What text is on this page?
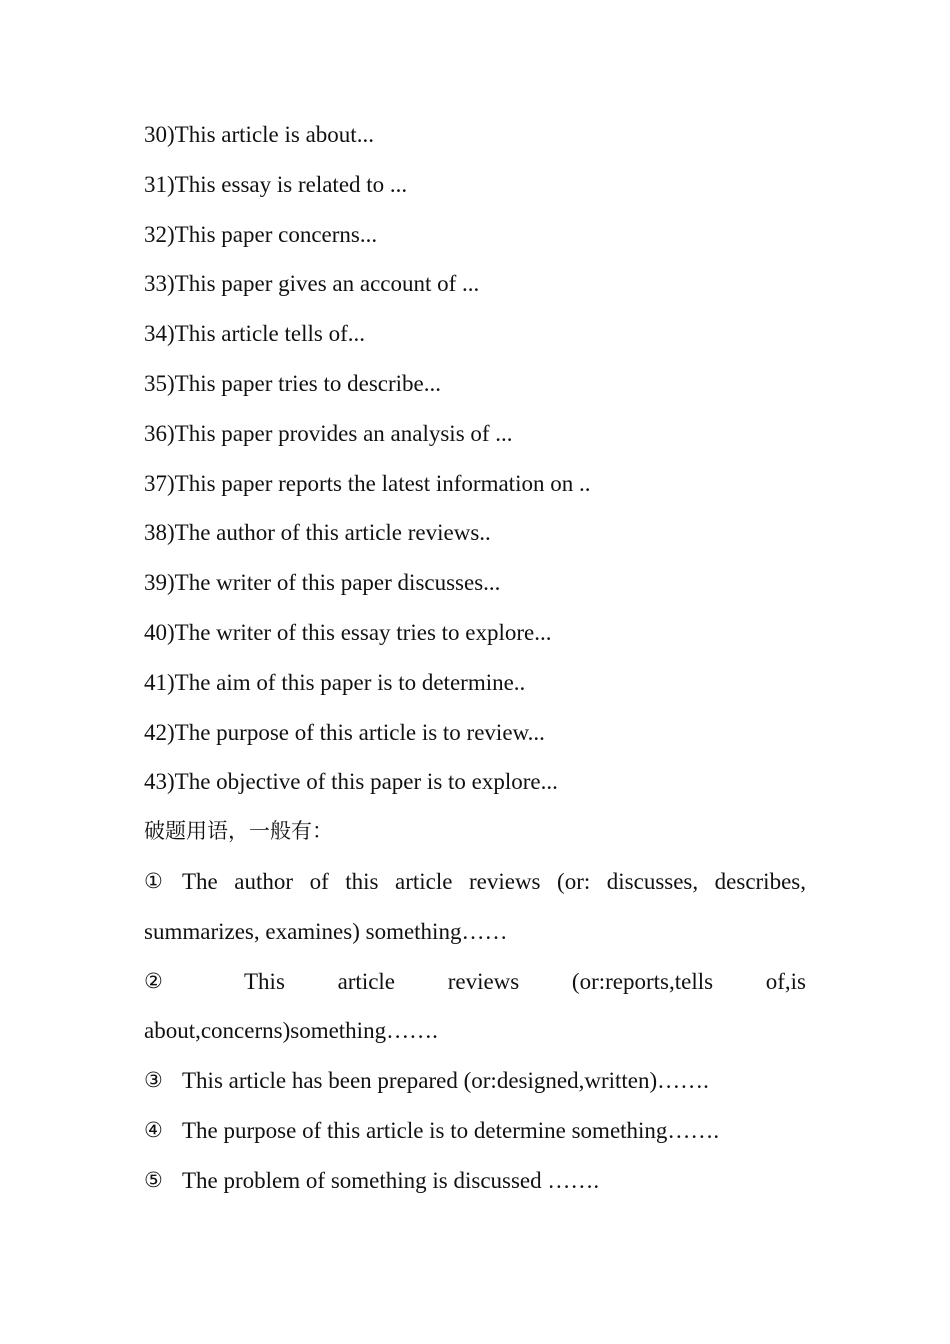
30)This article is about...
31)This essay is related to ...
32)This paper concerns...
33)This paper gives an account of ...
34)This article tells of...
35)This paper tries to describe...
36)This paper provides an analysis of ...
37)This paper reports the latest information on ..
38)The author of this article reviews..
39)The writer of this paper discusses...
40)The writer of this essay tries to explore...
41)The aim of this paper is to determine..
42)The purpose of this article is to review...
43)The objective of this paper is to explore...
破题用语，一般有：
① The author of this article reviews (or: discusses, describes,
summarizes, examines) something……
②	This article reviews (or:reports,tells of,is
about,concerns)something…….
③ This article has been prepared (or:designed,written)…….
④ The purpose of this article is to determine something…….
⑤ The problem of something is discussed …….
